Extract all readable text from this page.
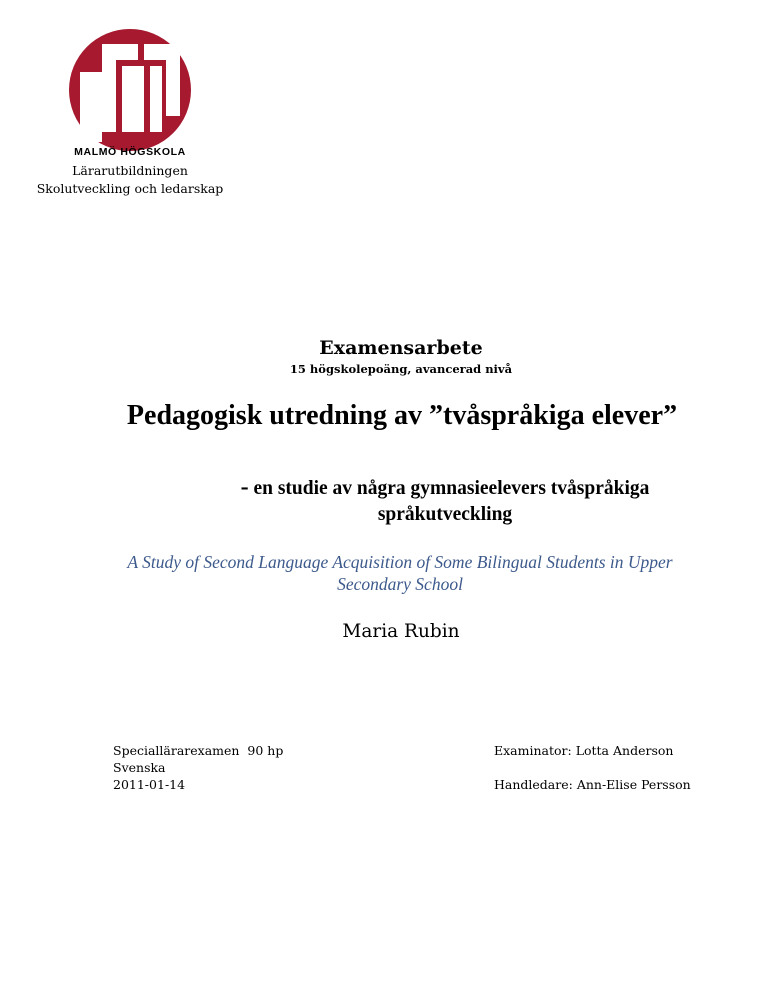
MALMÖ HÖGSKOLA
Lärarutbildningen
Skolutveckling och ledarskap
Examensarbete
15 högskolepoäng, avancerad nivå
Pedagogisk utredning av ”tvåspråkiga elever”
- en studie av några gymnasieelevers tvåspråkiga språkutveckling
A Study of Second Language Acquisition of Some Bilingual Students in Upper Secondary School
Maria Rubin
Speciallärarexamen  90 hp
Svenska
2011-01-14
Examinator: Lotta Anderson
Handledare: Ann-Elise Persson
